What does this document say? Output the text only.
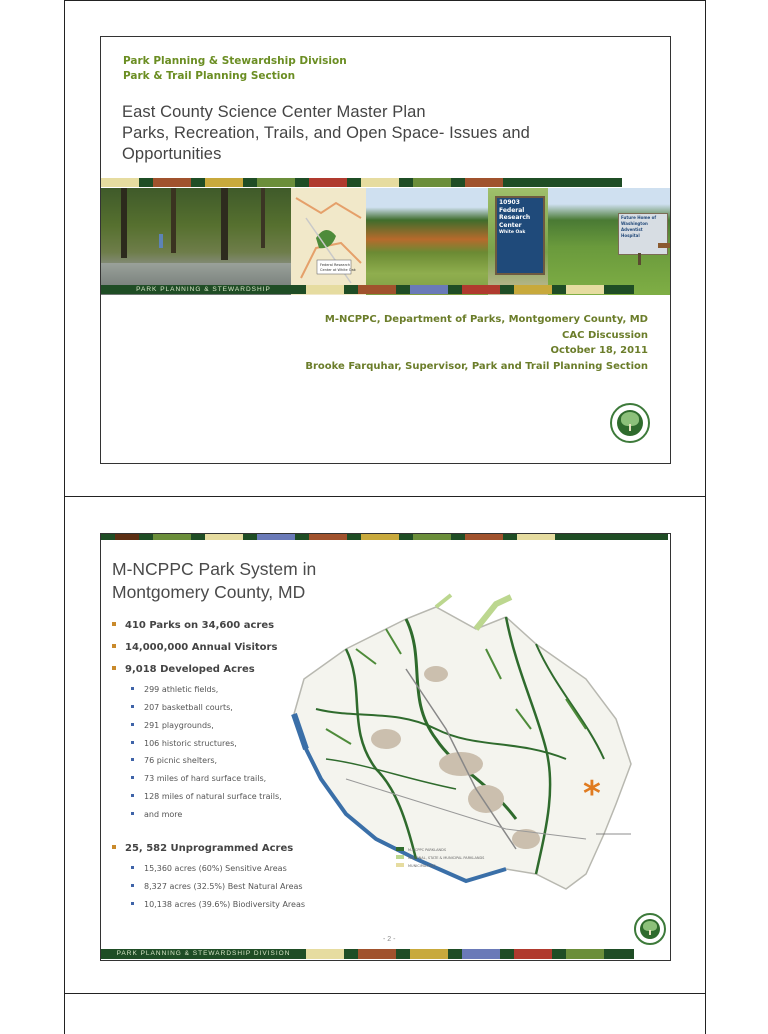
Park Planning & Stewardship Division
Park & Trail Planning Section
East County Science Center Master Plan
Parks, Recreation, Trails, and Open Space- Issues and
Opportunities
Federal Research
Center at White Oak
10903
Federal
Research
Center
White Oak
Future Home of
Washington
Adventist
Hospital
PARK PLANNING & STEWARDSHIP
M-NCPPC, Department of Parks, Montgomery County, MD
CAC Discussion
October 18, 2011
Brooke Farquhar, Supervisor, Park and Trail Planning Section
M-NCPPC Park System in
Montgomery County, MD
410 Parks on 34,600 acres
14,000,000 Annual Visitors
9,018 Developed Acres
299 athletic fields,
207 basketball courts,
291 playgrounds,
106 historic structures,
76 picnic shelters,
73 miles of hard surface trails,
128 miles of natural surface trails,
and more
25, 582 Unprogrammed Acres
15,360 acres (60%) Sensitive Areas
8,327 acres (32.5%) Best Natural Areas
10,138 acres (39.6%) Biodiversity Areas
M-NCPPC PARKLANDS
NATIONAL, STATE & MUNICIPAL PARKLANDS
MUNICIPALITIES
*
- 2 -
PARK PLANNING & STEWARDSHIP DIVISION
